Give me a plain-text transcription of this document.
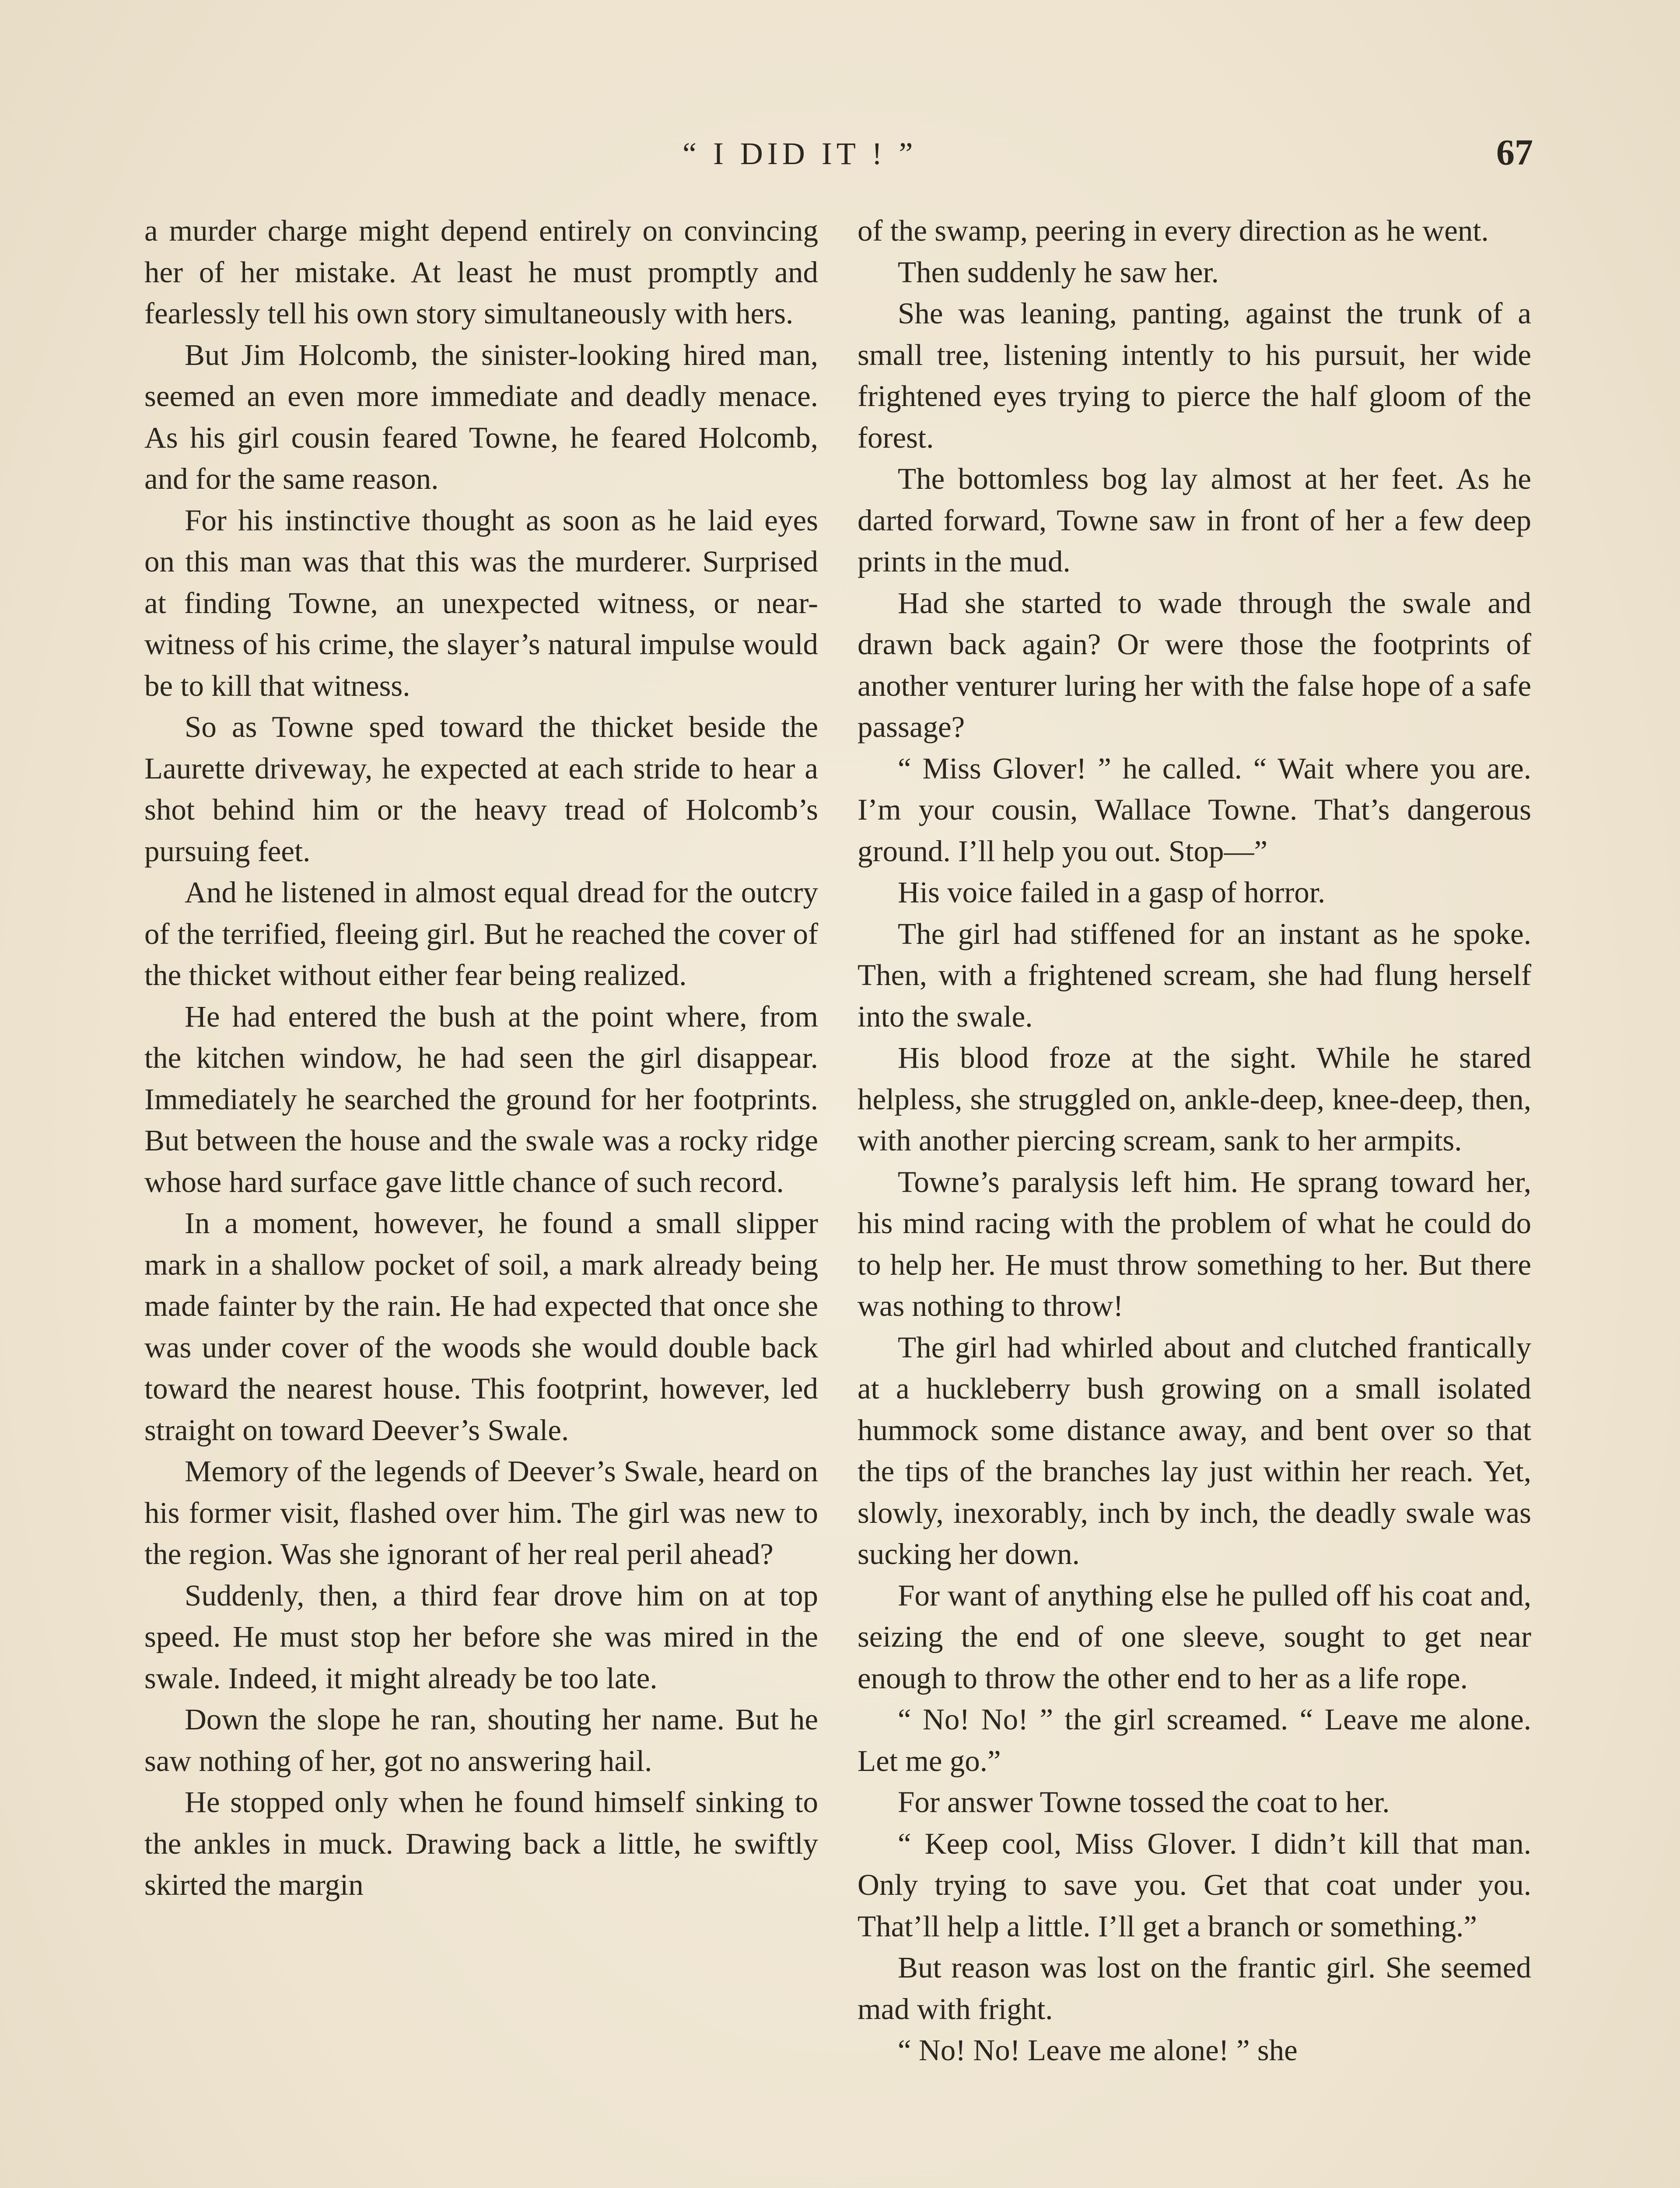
“ I DID IT ! ”	67

a murder charge might depend entirely on convincing her of her mistake. At least he must promptly and fearlessly tell his own story simultaneously with hers.

But Jim Holcomb, the sinister-looking hired man, seemed an even more immediate and deadly menace. As his girl cousin feared Towne, he feared Holcomb, and for the same reason.

For his instinctive thought as soon as he laid eyes on this man was that this was the murderer. Surprised at finding Towne, an unexpected witness, or near-witness of his crime, the slayer’s natural impulse would be to kill that witness.

So as Towne sped toward the thicket beside the Laurette driveway, he expected at each stride to hear a shot behind him or the heavy tread of Holcomb’s pursuing feet.

And he listened in almost equal dread for the outcry of the terrified, fleeing girl. But he reached the cover of the thicket without either fear being realized.

He had entered the bush at the point where, from the kitchen window, he had seen the girl disappear. Immediately he searched the ground for her footprints. But between the house and the swale was a rocky ridge whose hard surface gave little chance of such record.

In a moment, however, he found a small slipper mark in a shallow pocket of soil, a mark already being made fainter by the rain. He had expected that once she was under cover of the woods she would double back toward the nearest house. This footprint, however, led straight on toward Deever’s Swale.

Memory of the legends of Deever’s Swale, heard on his former visit, flashed over him. The girl was new to the region. Was she ignorant of her real peril ahead?

Suddenly, then, a third fear drove him on at top speed. He must stop her before she was mired in the swale. Indeed, it might already be too late.

Down the slope he ran, shouting her name. But he saw nothing of her, got no answering hail.

He stopped only when he found himself sinking to the ankles in muck. Drawing back a little, he swiftly skirted the margin

of the swamp, peering in every direction as he went.

Then suddenly he saw her.

She was leaning, panting, against the trunk of a small tree, listening intently to his pursuit, her wide frightened eyes trying to pierce the half gloom of the forest.

The bottomless bog lay almost at her feet. As he darted forward, Towne saw in front of her a few deep prints in the mud.

Had she started to wade through the swale and drawn back again? Or were those the footprints of another venturer luring her with the false hope of a safe passage?

“ Miss Glover! ” he called. “ Wait where you are. I’m your cousin, Wallace Towne. That’s dangerous ground. I’ll help you out. Stop—”

His voice failed in a gasp of horror.

The girl had stiffened for an instant as he spoke. Then, with a frightened scream, she had flung herself into the swale.

His blood froze at the sight. While he stared helpless, she struggled on, ankle-deep, knee-deep, then, with another piercing scream, sank to her armpits.

Towne’s paralysis left him. He sprang toward her, his mind racing with the problem of what he could do to help her. He must throw something to her. But there was nothing to throw!

The girl had whirled about and clutched frantically at a huckleberry bush growing on a small isolated hummock some distance away, and bent over so that the tips of the branches lay just within her reach. Yet, slowly, inexorably, inch by inch, the deadly swale was sucking her down.

For want of anything else he pulled off his coat and, seizing the end of one sleeve, sought to get near enough to throw the other end to her as a life rope.

“ No! No! ” the girl screamed. “ Leave me alone. Let me go.”

For answer Towne tossed the coat to her.

“ Keep cool, Miss Glover. I didn’t kill that man. Only trying to save you. Get that coat under you. That’ll help a little. I’ll get a branch or something.”

But reason was lost on the frantic girl. She seemed mad with fright.

“ No! No! Leave me alone! ” she
